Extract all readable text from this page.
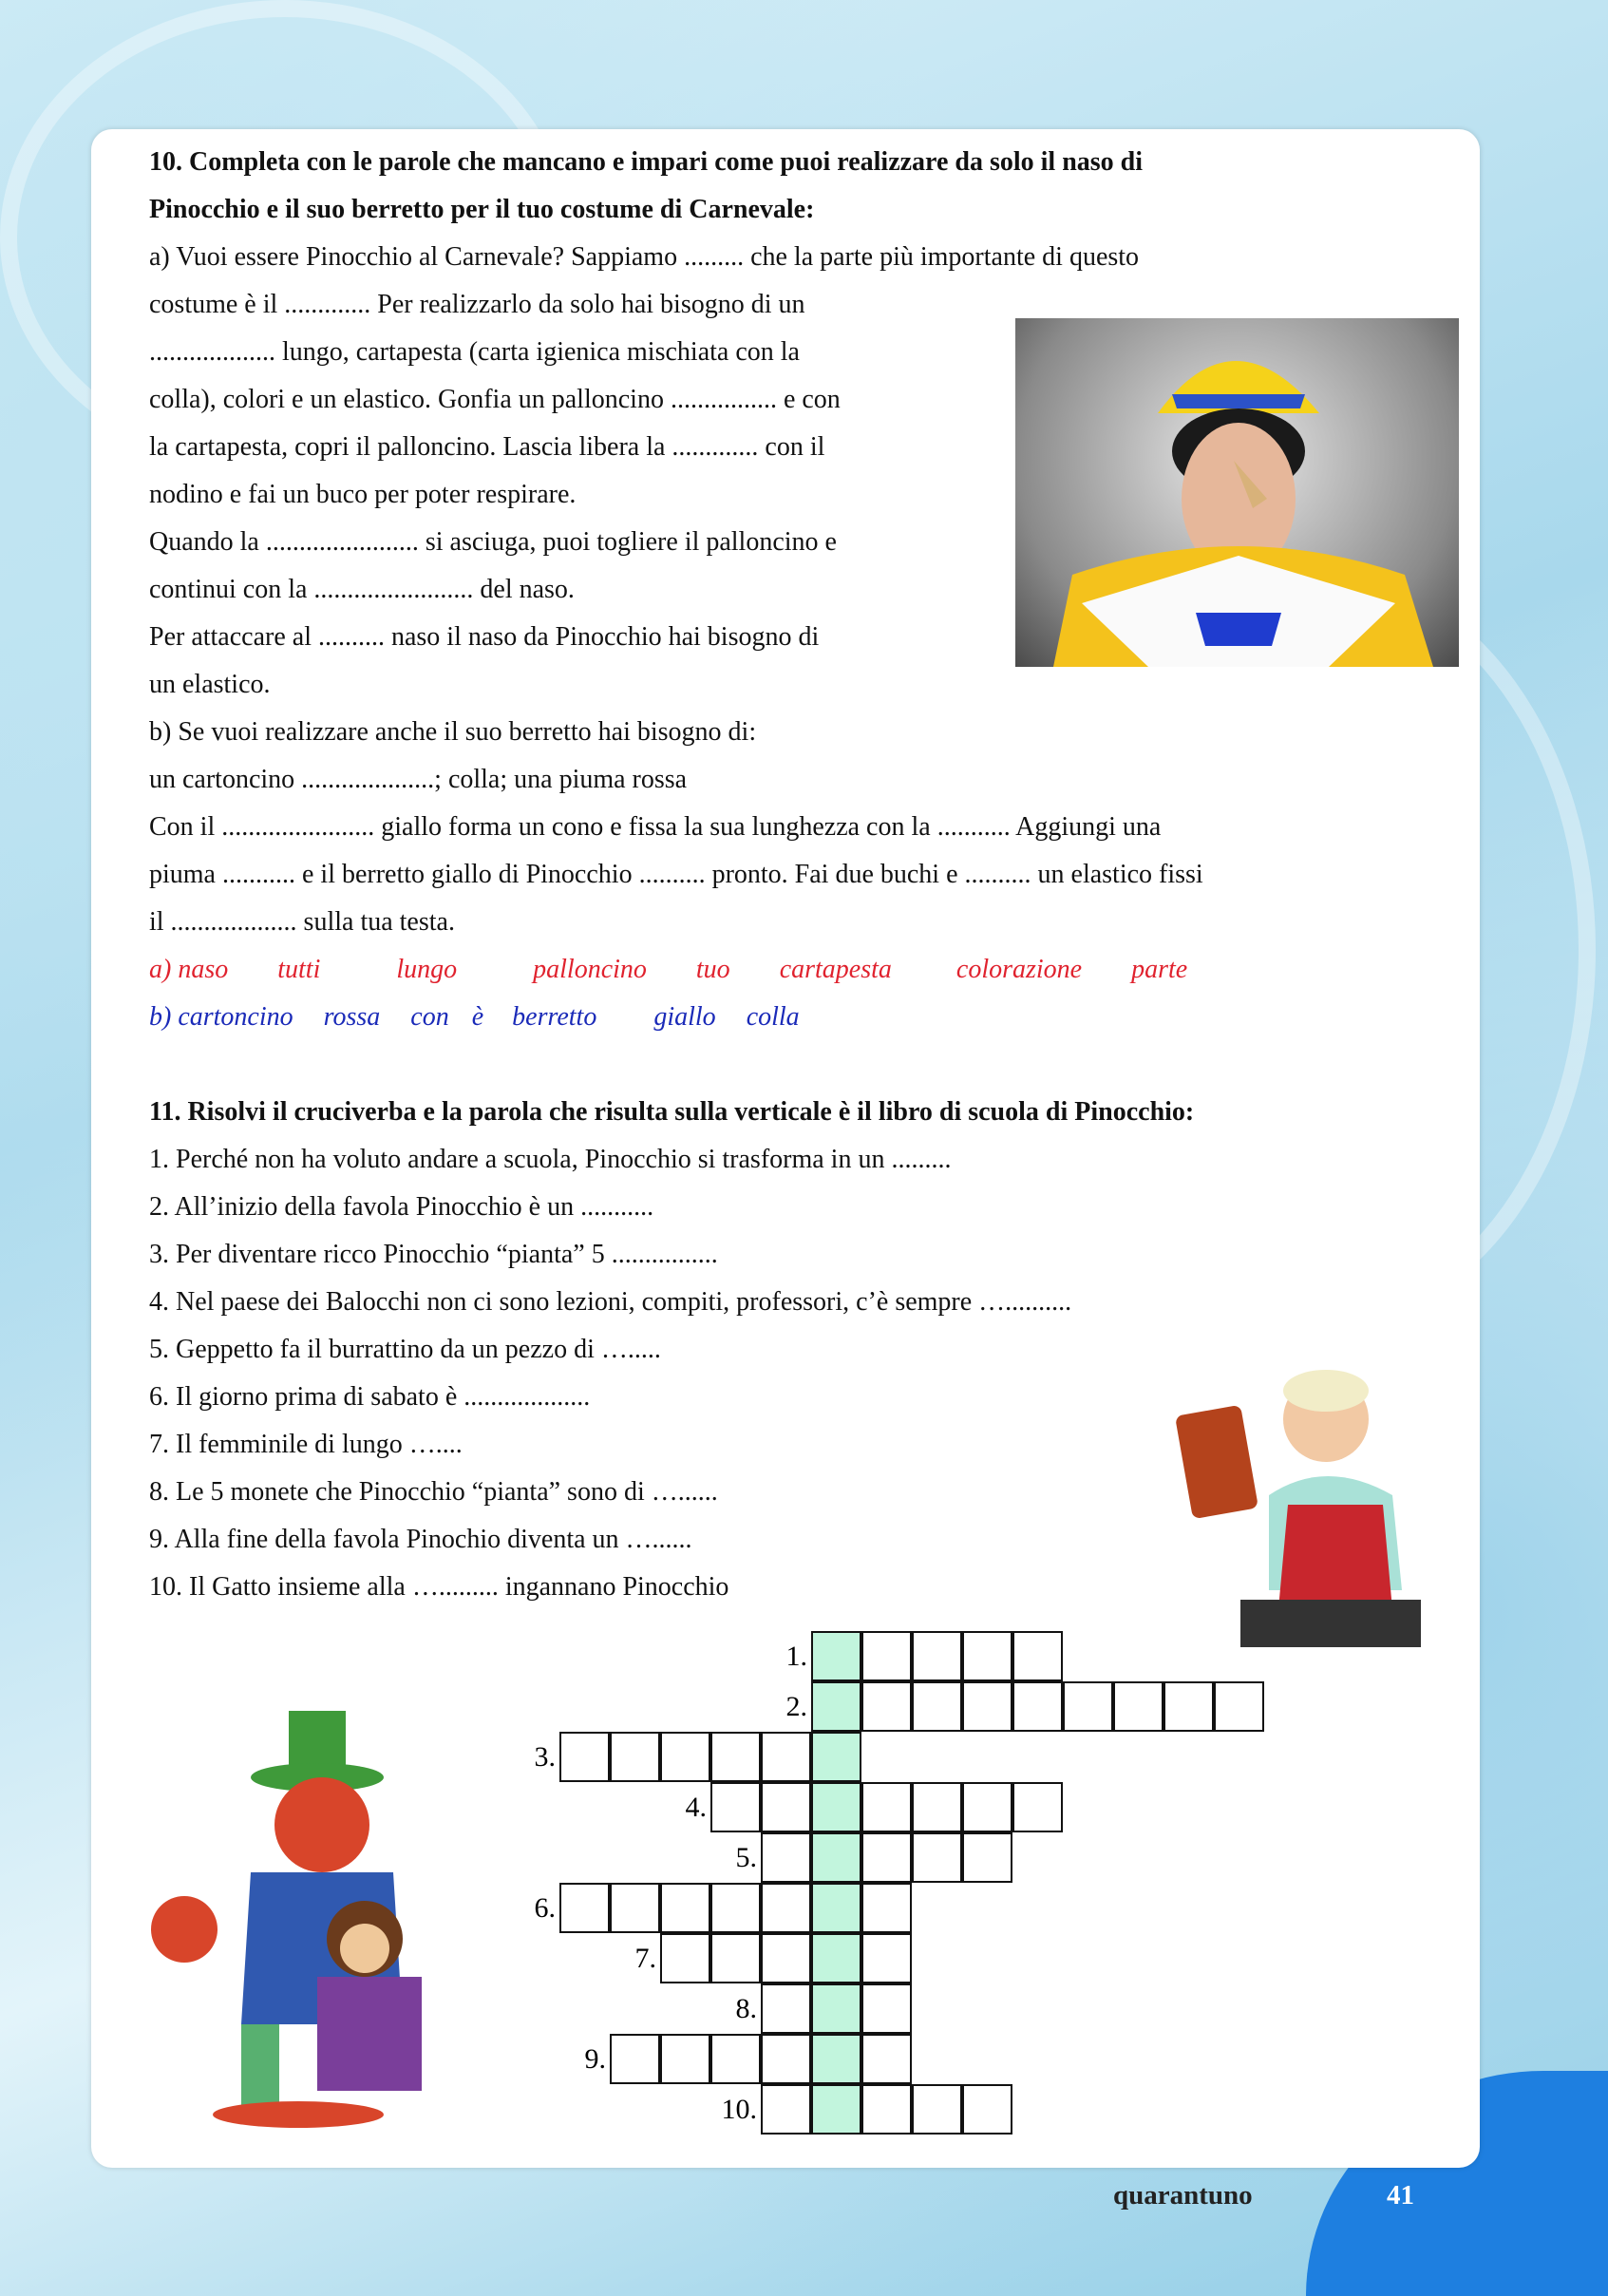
10. Completa con le parole che mancano e impari come puoi realizzare da solo il naso di
Pinocchio e il suo berretto per il tuo costume di Carnevale:
a) Vuoi essere Pinocchio al Carnevale? Sappiamo ......... che la parte più importante di questo
costume è il ............. Per realizzarlo da solo hai bisogno di un
................... lungo, cartapesta (carta igienica mischiata con la
colla), colori e un elastico. Gonfia un palloncino ................ e con
la cartapesta, copri il palloncino. Lascia libera la ............. con il
nodino e fai un buco per poter respirare.
Quando la ....................... si asciuga, puoi togliere il palloncino e
continui con la ........................ del naso.
Per attaccare al .......... naso il naso da Pinocchio hai bisogno di
un elastico.
b) Se vuoi realizzare anche il suo berretto hai bisogno di:
un cartoncino ....................; colla; una piuma rossa
Con il ....................... giallo forma un cono e fissa la sua lunghezza con la ........... Aggiungi una
piuma ........... e il berretto giallo di Pinocchio .......... pronto. Fai due buchi e .......... un elastico fissi
il ................... sulla tua testa.
a) naso tutti	lungo	palloncino tuo cartapesta colorazione parte
b) cartoncino rossa con è berretto giallo colla
11. Risolvi il cruciverba e la parola che risulta sulla verticale è il libro di scuola di Pinocchio:
1. Perché non ha voluto andare a scuola, Pinocchio si trasforma in un .........
2. All’inizio della favola Pinocchio è un ...........
3. Per diventare ricco Pinocchio “pianta” 5 ................
4. Nel paese dei Balocchi non ci sono lezioni, compiti, professori, c’è sempre …..........
5. Geppetto fa il burrattino da un pezzo di ….....
6. Il giorno prima di sabato è ...................
7. Il femminile di lungo …....
8. Le 5 monete che Pinocchio “pianta” sono di …......
9. Alla fine della favola Pinochio diventa un …......
10. Il Gatto insieme alla …......... ingannano Pinocchio
1.
2.
3.
4.
5.
6.
7.
8.
9.
10.
quarantuno	41
